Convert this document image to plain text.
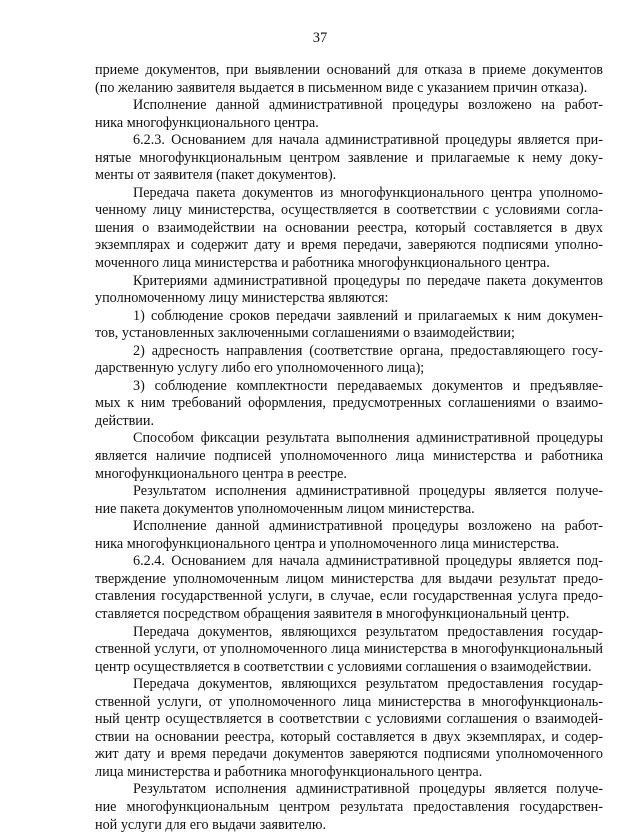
37
приеме документов, при выявлении оснований для отказа в приеме документов
(по желанию заявителя выдается в письменном виде с указанием причин отказа).
Исполнение данной административной процедуры возложено на работ-
ника многофункционального центра.
6.2.3. Основанием для начала административной процедуры является при-
нятые многофункциональным центром заявление и прилагаемые к нему доку-
менты от заявителя (пакет документов).
Передача пакета документов из многофункционального центра уполномо-
ченному лицу министерства, осуществляется в соответствии с условиями согла-
шения о взаимодействии на основании реестра, который составляется в двух
экземплярах и содержит дату и время передачи, заверяются подписями уполно-
моченного лица министерства и работника многофункционального центра.
Критериями административной процедуры по передаче пакета документов
уполномоченному лицу министерства являются:
1) соблюдение сроков передачи заявлений и прилагаемых к ним докумен-
тов, установленных заключенными соглашениями о взаимодействии;
2) адресность направления (соответствие органа, предоставляющего госу-
дарственную услугу либо его уполномоченного лица);
3) соблюдение комплектности передаваемых документов и предъявляе-
мых к ним требований оформления, предусмотренных соглашениями о взаимо-
действии.
Способом фиксации результата выполнения административной процедуры
является наличие подписей уполномоченного лица министерства и работника
многофункционального центра в реестре.
Результатом исполнения административной процедуры является получе-
ние пакета документов уполномоченным лицом министерства.
Исполнение данной административной процедуры возложено на работ-
ника многофункционального центра и уполномоченного лица министерства.
6.2.4. Основанием для начала административной процедуры является под-
тверждение уполномоченным лицом министерства для выдачи результат предо-
ставления государственной услуги, в случае, если государственная услуга предо-
ставляется посредством обращения заявителя в многофункциональный центр.
Передача документов, являющихся результатом предоставления государ-
ственной услуги, от уполномоченного лица министерства в многофункциональный
центр осуществляется в соответствии с условиями соглашения о взаимодействии.
Передача документов, являющихся результатом предоставления государ-
ственной услуги, от уполномоченного лица министерства в многофункциональ-
ный центр осуществляется в соответствии с условиями соглашения о взаимодей-
ствии на основании реестра, который составляется в двух экземплярах, и содер-
жит дату и время передачи документов заверяются подписями уполномоченного
лица министерства и работника многофункционального центра.
Результатом исполнения административной процедуры является получе-
ние многофункциональным центром результата предоставления государствен-
ной услуги для его выдачи заявителю.
